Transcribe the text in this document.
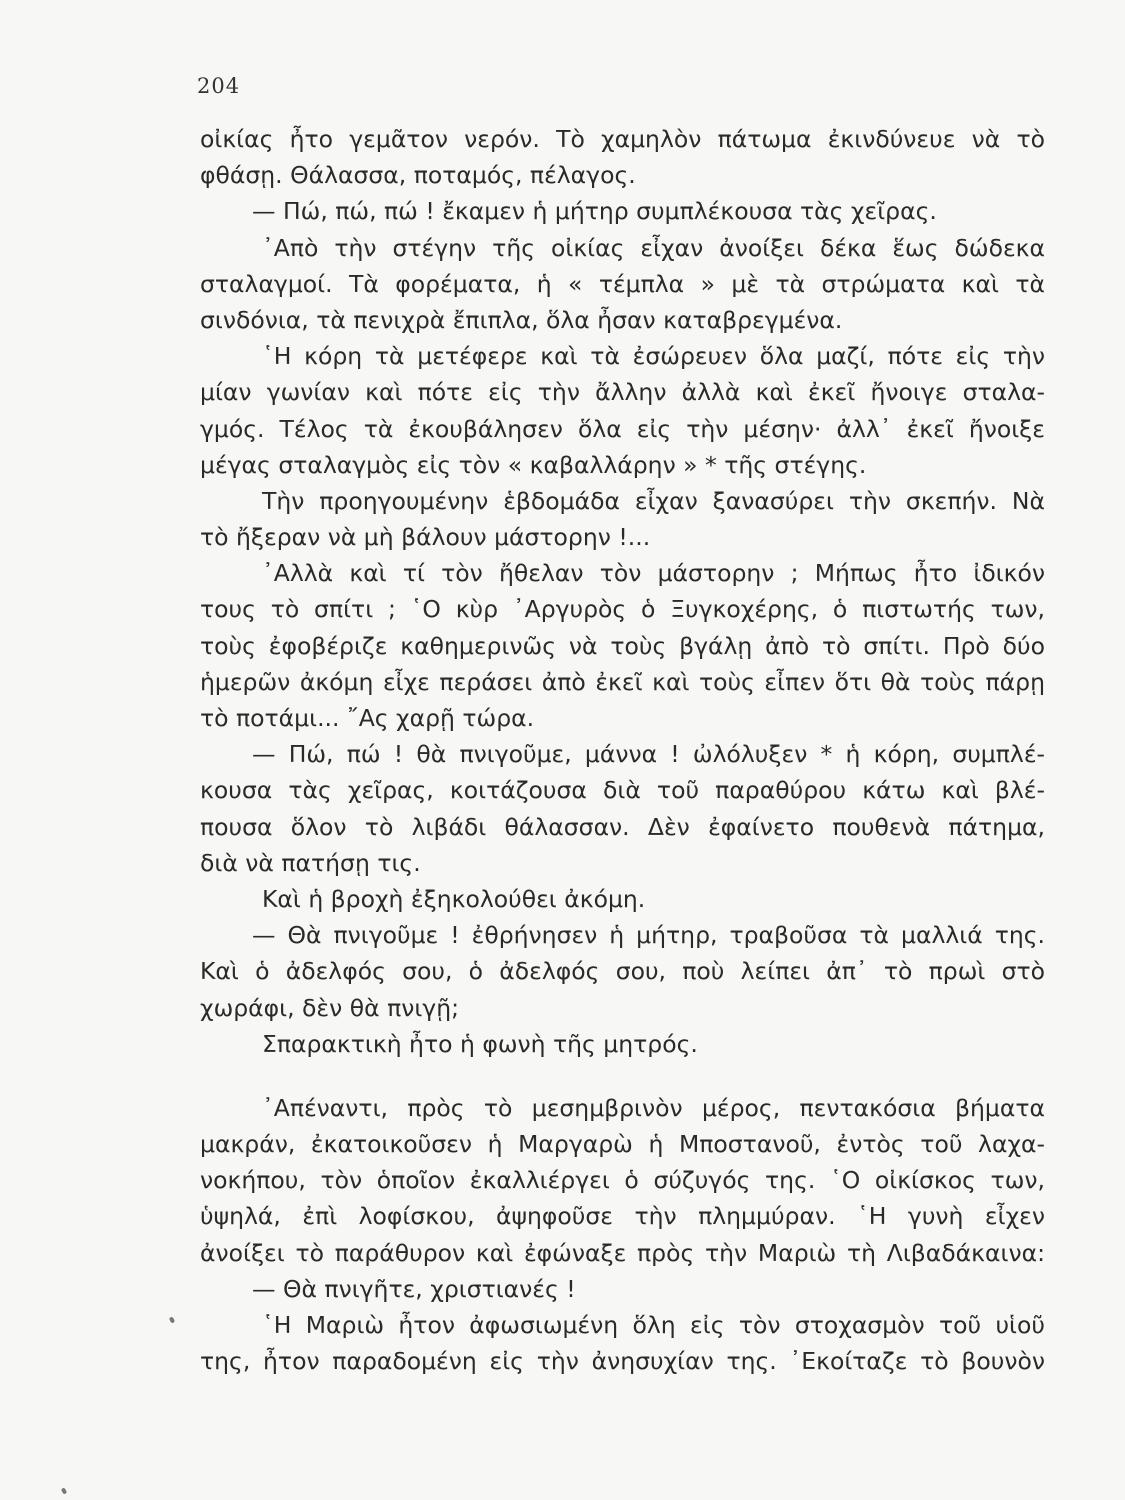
204
οἰκίας ἦτο γεμᾶτον νερόν. Τὸ χαμηλὸν πάτωμα ἐκινδύνευε νὰ τὸ
φθάσῃ. Θάλασσα, ποταμός, πέλαγος.
— Πώ, πώ, πώ ! ἔκαμεν ἡ μήτηρ συμπλέκουσα τὰς χεῖρας.
᾿Απὸ τὴν στέγην τῆς οἰκίας εἶχαν ἀνοίξει δέκα ἕως δώδεκα
σταλαγμοί. Τὰ φορέματα, ἡ « τέμπλα » μὲ τὰ στρώματα καὶ τὰ
σινδόνια, τὰ πενιχρὰ ἔπιπλα, ὅλα ἦσαν καταβρεγμένα.
῾Η κόρη τὰ μετέφερε καὶ τὰ ἐσώρευεν ὅλα μαζί, πότε εἰς τὴν
μίαν γωνίαν καὶ πότε εἰς τὴν ἄλλην ἀλλὰ καὶ ἐκεῖ ἤνοιγε σταλα-
γμός. Τέλος τὰ ἐκουβάλησεν ὅλα εἰς τὴν μέσην· ἀλλ᾿ ἐκεῖ ἤνοιξε
μέγας σταλαγμὸς εἰς τὸν « καβαλλάρην » * τῆς στέγης.
Τὴν προηγουμένην ἑβδομάδα εἶχαν ξανασύρει τὴν σκεπήν. Νὰ
τὸ ἤξεραν νὰ μὴ βάλουν μάστορην !...
᾿Αλλὰ καὶ τί τὸν ἤθελαν τὸν μάστορην ; Μήπως ἦτο ἰδικόν
τους τὸ σπίτι ; ῾Ο κὺρ ᾿Αργυρὸς ὁ Ξυγκοχέρης, ὁ πιστωτής των,
τοὺς ἐφοβέριζε καθημερινῶς νὰ τοὺς βγάλῃ ἀπὸ τὸ σπίτι. Πρὸ δύο
ἡμερῶν ἀκόμη εἶχε περάσει ἀπὸ ἐκεῖ καὶ τοὺς εἶπεν ὅτι θὰ τοὺς πάρῃ
τὸ ποτάμι... ῎Ας χαρῇ τώρα.
— Πώ, πώ ! θὰ πνιγοῦμε, μάννα ! ὠλόλυξεν * ἡ κόρη, συμπλέ-
κουσα τὰς χεῖρας, κοιτάζουσα διὰ τοῦ παραθύρου κάτω καὶ βλέ-
πουσα ὅλον τὸ λιβάδι θάλασσαν. Δὲν ἐφαίνετο πουθενὰ πάτημα,
διὰ νὰ πατήσῃ τις.
Καὶ ἡ βροχὴ ἐξηκολούθει ἀκόμη.
— Θὰ πνιγοῦμε ! ἐθρήνησεν ἡ μήτηρ, τραβοῦσα τὰ μαλλιά της.
Καὶ ὁ ἀδελφός σου, ὁ ἀδελφός σου, ποὺ λείπει ἀπ᾿ τὸ πρωὶ στὸ
χωράφι, δὲν θὰ πνιγῇ;
Σπαρακτικὴ ἦτο ἡ φωνὴ τῆς μητρός.
᾿Απέναντι, πρὸς τὸ μεσημβρινὸν μέρος, πεντακόσια βήματα
μακράν, ἐκατοικοῦσεν ἡ Μαργαρὼ ἡ Μποστανοῦ, ἐντὸς τοῦ λαχα-
νοκήπου, τὸν ὁποῖον ἐκαλλιέργει ὁ σύζυγός της. ῾Ο οἰκίσκος των,
ὑψηλά, ἐπὶ λοφίσκου, ἀψηφοῦσε τὴν πλημμύραν. ῾Η γυνὴ εἶχεν
ἀνοίξει τὸ παράθυρον καὶ ἐφώναξε πρὸς τὴν Μαριὼ τὴ Λιβαδάκαινα:
— Θὰ πνιγῆτε, χριστιανές !
῾Η Μαριὼ ἦτον ἀφωσιωμένη ὅλη εἰς τὸν στοχασμὸν τοῦ υἱοῦ
της, ἦτον παραδομένη εἰς τὴν ἀνησυχίαν της. ᾿Εκοίταζε τὸ βουνὸν
